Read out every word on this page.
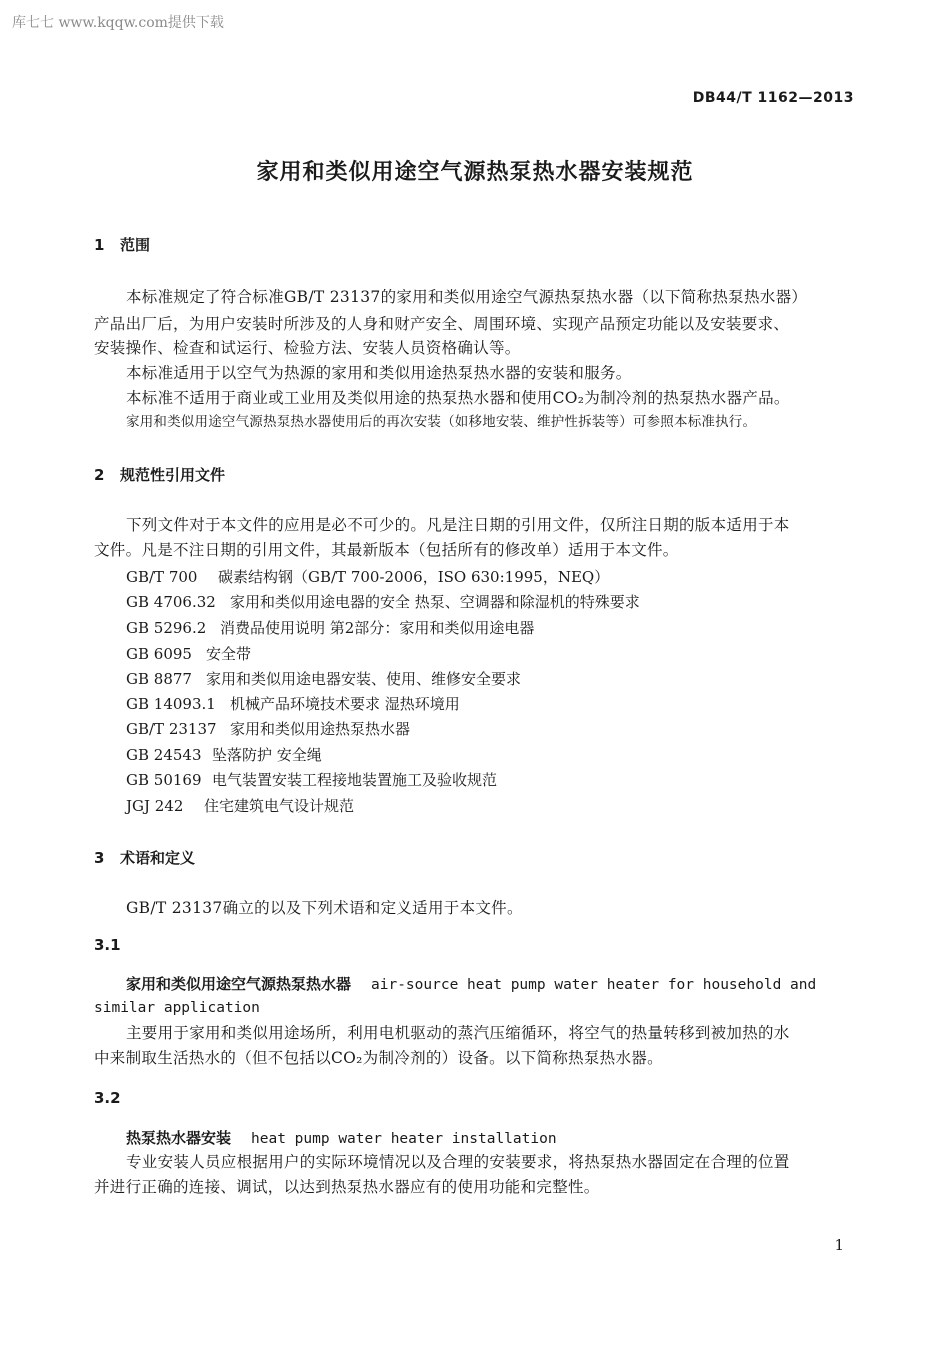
库七七 www.kqqw.com提供下载
DB44/T 1162—2013
家用和类似用途空气源热泵热水器安装规范
1 范围
本标准规定了符合标准GB/T 23137的家用和类似用途空气源热泵热水器（以下简称热泵热水器）
产品出厂后，为用户安装时所涉及的人身和财产安全、周围环境、实现产品预定功能以及安装要求、
安装操作、检查和试运行、检验方法、安装人员资格确认等。
本标准适用于以空气为热源的家用和类似用途热泵热水器的安装和服务。
本标准不适用于商业或工业用及类似用途的热泵热水器和使用CO₂为制冷剂的热泵热水器产品。
家用和类似用途空气源热泵热水器使用后的再次安装（如移地安装、维护性拆装等）可参照本标准执行。
2 规范性引用文件
下列文件对于本文件的应用是必不可少的。凡是注日期的引用文件，仅所注日期的版本适用于本
文件。凡是不注日期的引用文件，其最新版本（包括所有的修改单）适用于本文件。
GB/T 700 碳素结构钢（GB/T 700-2006，ISO 630:1995，NEQ）
GB 4706.32 家用和类似用途电器的安全 热泵、空调器和除湿机的特殊要求
GB 5296.2 消费品使用说明 第2部分：家用和类似用途电器
GB 6095 安全带
GB 8877 家用和类似用途电器安装、使用、维修安全要求
GB 14093.1 机械产品环境技术要求 湿热环境用
GB/T 23137 家用和类似用途热泵热水器
GB 24543 坠落防护 安全绳
GB 50169 电气装置安装工程接地装置施工及验收规范
JGJ 242 住宅建筑电气设计规范
3 术语和定义
GB/T 23137确立的以及下列术语和定义适用于本文件。
3.1
家用和类似用途空气源热泵热水器 air-source heat pump water heater for household and
similar application
主要用于家用和类似用途场所，利用电机驱动的蒸汽压缩循环，将空气的热量转移到被加热的水
中来制取生活热水的（但不包括以CO₂为制冷剂的）设备。以下简称热泵热水器。
3.2
热泵热水器安装 heat pump water heater installation
专业安装人员应根据用户的实际环境情况以及合理的安装要求，将热泵热水器固定在合理的位置
并进行正确的连接、调试，以达到热泵热水器应有的使用功能和完整性。
1
